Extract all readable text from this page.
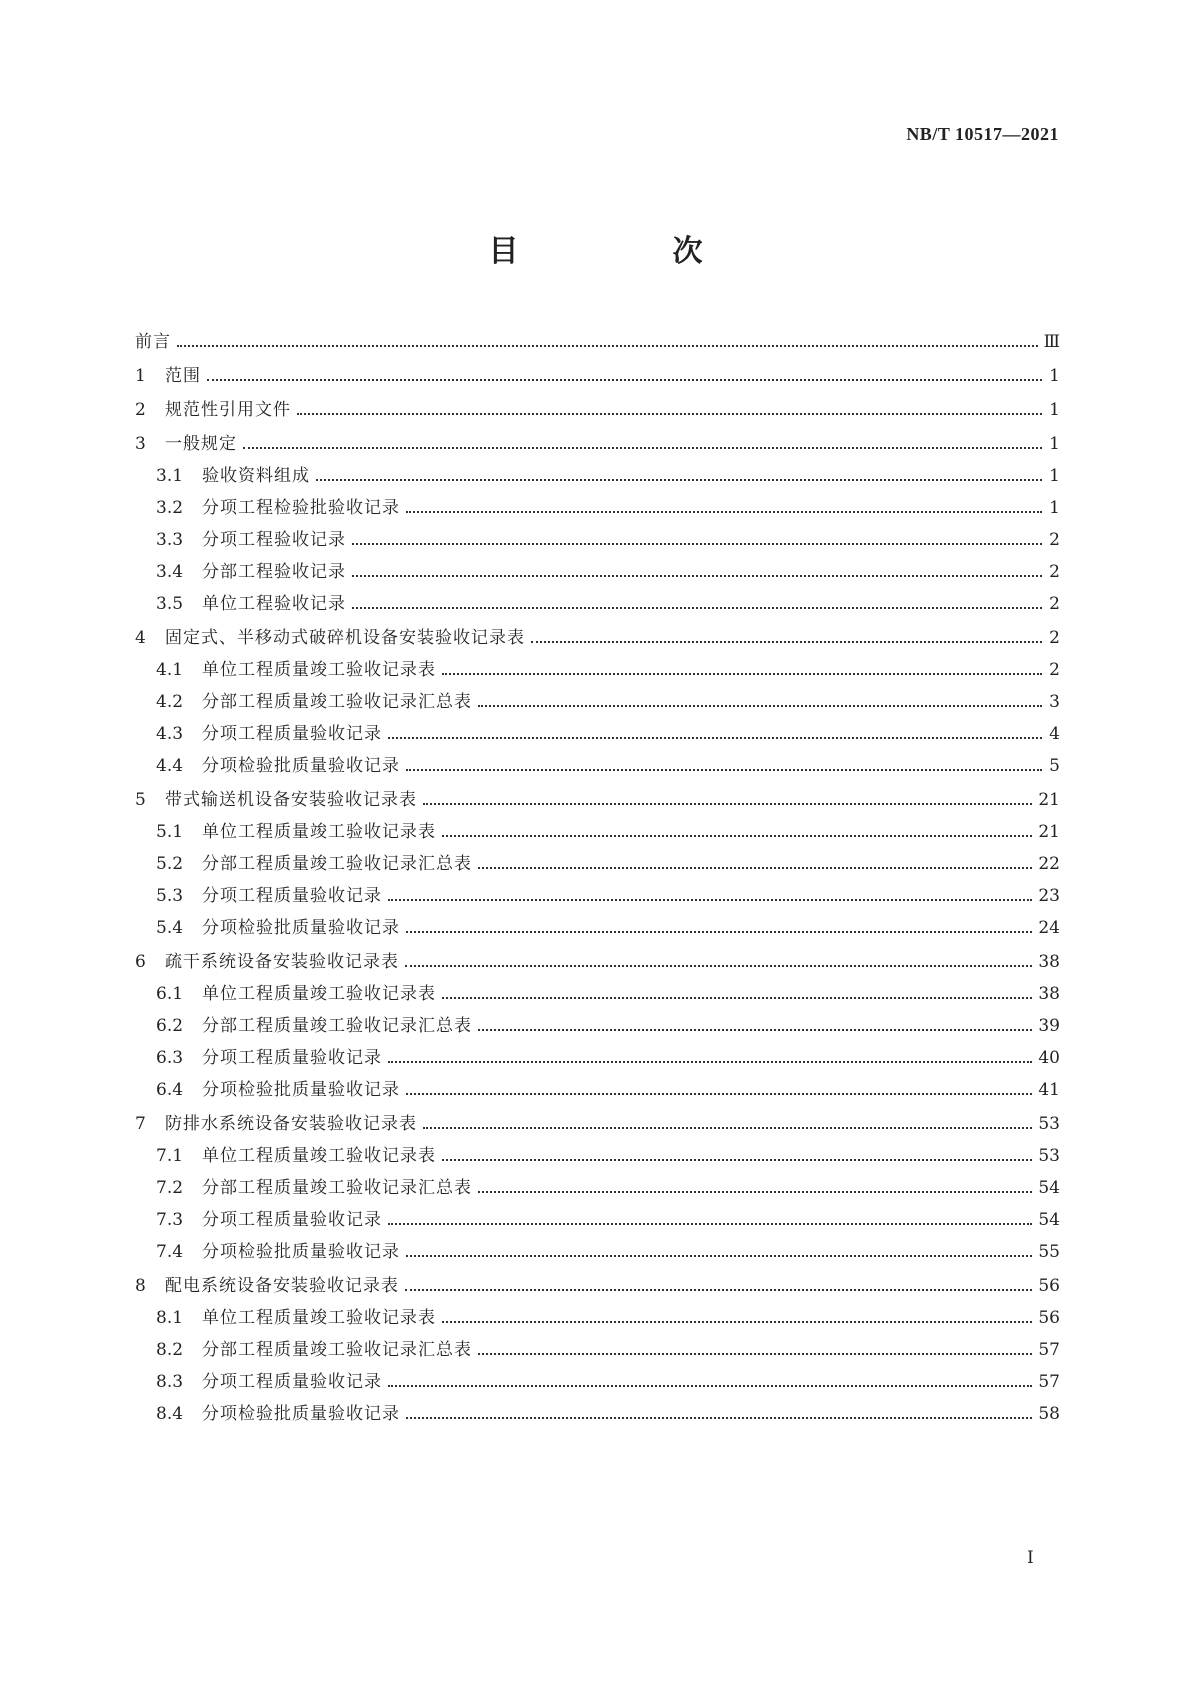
NB/T 10517—2021
目　次
前言	Ⅲ
1	范围	1
2	规范性引用文件	1
3	一般规定	1
3.1	验收资料组成	1
3.2	分项工程检验批验收记录	1
3.3	分项工程验收记录	2
3.4	分部工程验收记录	2
3.5	单位工程验收记录	2
4	固定式、半移动式破碎机设备安装验收记录表	2
4.1	单位工程质量竣工验收记录表	2
4.2	分部工程质量竣工验收记录汇总表	3
4.3	分项工程质量验收记录	4
4.4	分项检验批质量验收记录	5
5	带式输送机设备安装验收记录表	21
5.1	单位工程质量竣工验收记录表	21
5.2	分部工程质量竣工验收记录汇总表	22
5.3	分项工程质量验收记录	23
5.4	分项检验批质量验收记录	24
6	疏干系统设备安装验收记录表	38
6.1	单位工程质量竣工验收记录表	38
6.2	分部工程质量竣工验收记录汇总表	39
6.3	分项工程质量验收记录	40
6.4	分项检验批质量验收记录	41
7	防排水系统设备安装验收记录表	53
7.1	单位工程质量竣工验收记录表	53
7.2	分部工程质量竣工验收记录汇总表	54
7.3	分项工程质量验收记录	54
7.4	分项检验批质量验收记录	55
8	配电系统设备安装验收记录表	56
8.1	单位工程质量竣工验收记录表	56
8.2	分部工程质量竣工验收记录汇总表	57
8.3	分项工程质量验收记录	57
8.4	分项检验批质量验收记录	58
I
